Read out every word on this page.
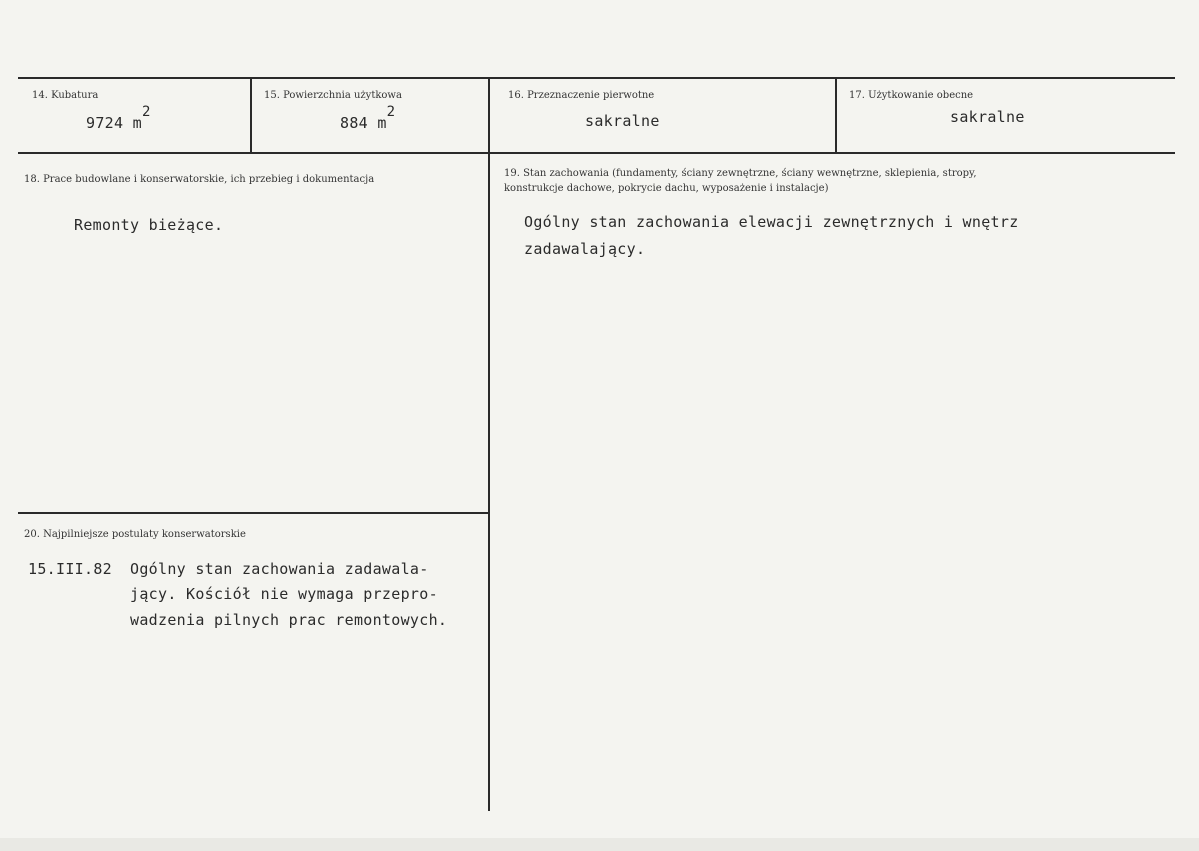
14. Kubatura
9724 m2
15. Powierzchnia użytkowa
884 m2
16. Przeznaczenie pierwotne
sakralne
17. Użytkowanie obecne
sakralne
18. Prace budowlane i konserwatorskie, ich przebieg i dokumentacja
Remonty bieżące.
19. Stan zachowania (fundamenty, ściany zewnętrzne, ściany wewnętrzne, sklepienia, stropy,
konstrukcje dachowe, pokrycie dachu, wyposażenie i instalacje)
Ogólny stan zachowania elewacji zewnętrznych i wnętrz
zadawalający.
20. Najpilniejsze postulaty konserwatorskie
15.III.82 Ogólny stan zachowania zadawala-
jący. Kościół nie wymaga przepro-
wadzenia pilnych prac remontowych.
